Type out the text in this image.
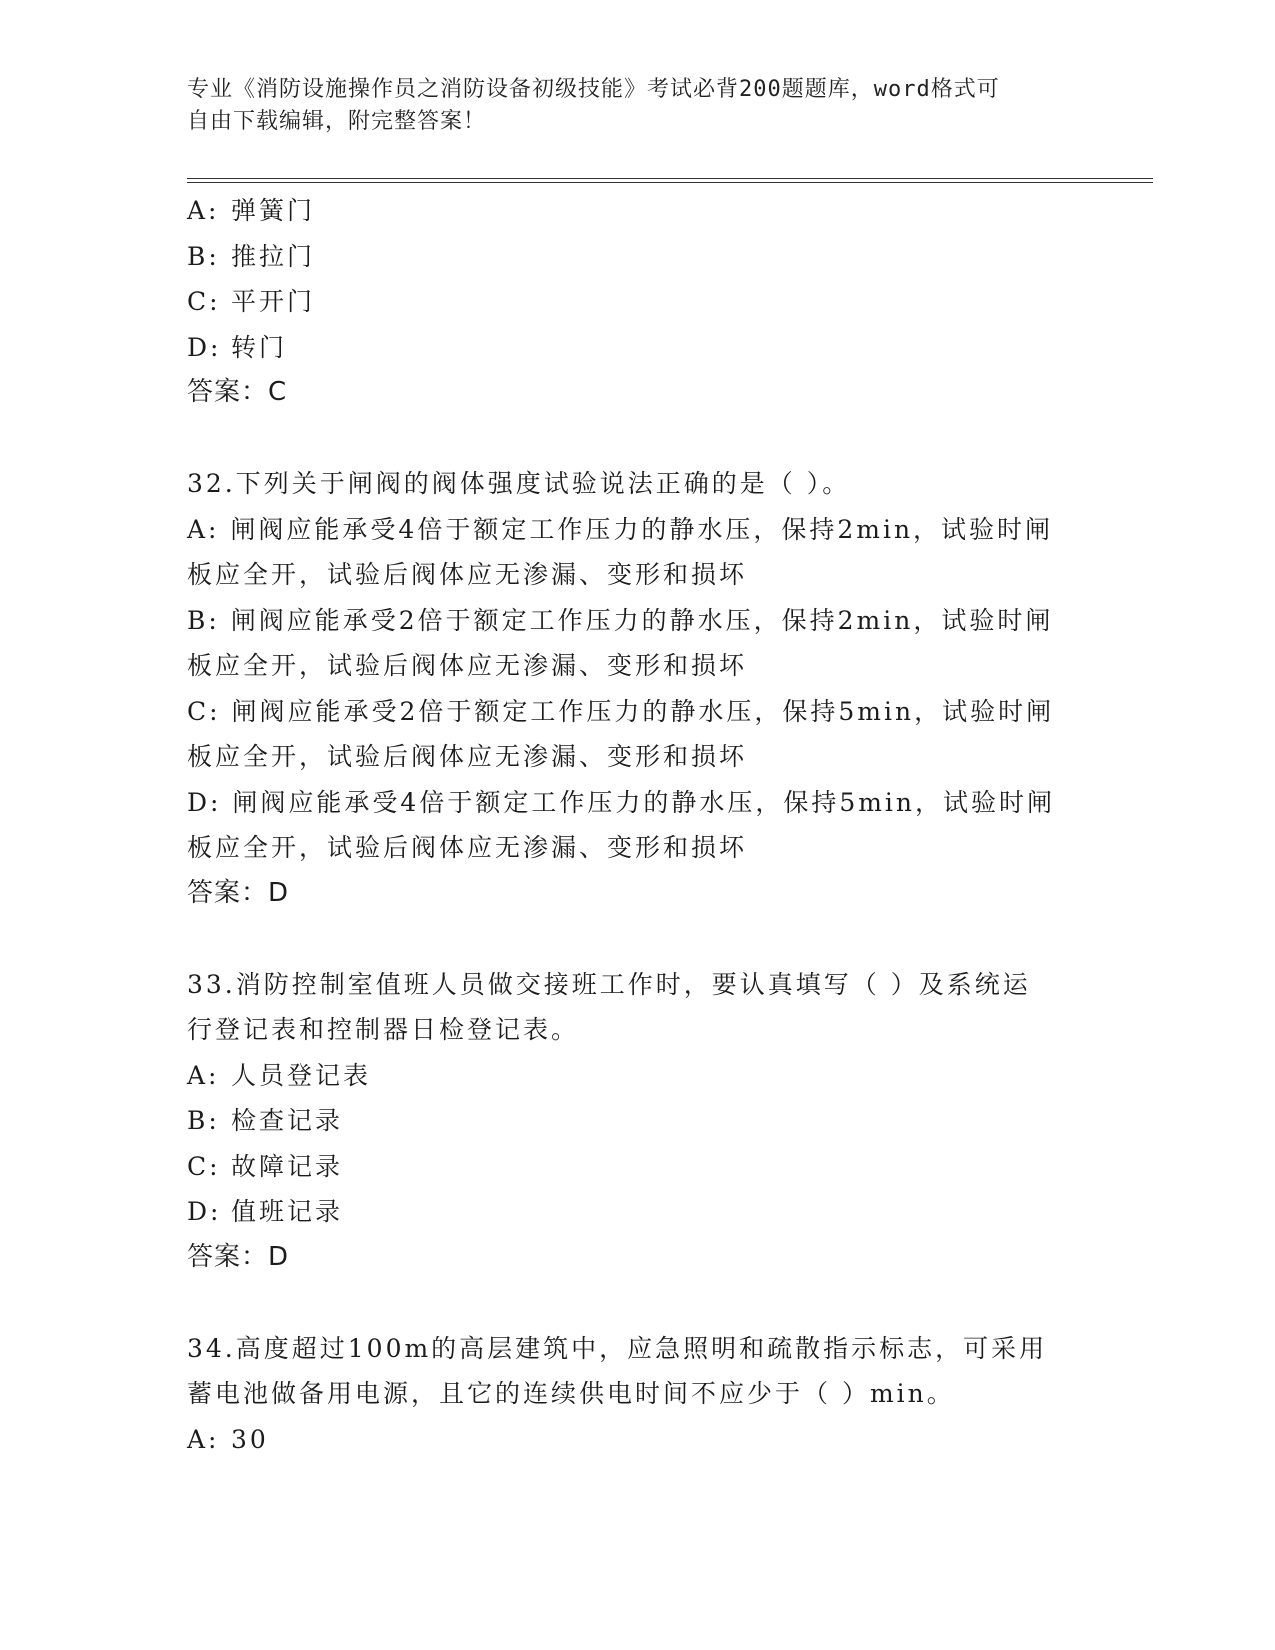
专业《消防设施操作员之消防设备初级技能》考试必背200题题库，word格式可
自由下载编辑，附完整答案！
A: 弹簧门
B: 推拉门
C: 平开门
D: 转门
答案：C
32.下列关于闸阀的阀体强度试验说法正确的是（ ）。
A: 闸阀应能承受4倍于额定工作压力的静水压，保持2min，试验时闸
板应全开，试验后阀体应无渗漏、变形和损坏
B: 闸阀应能承受2倍于额定工作压力的静水压，保持2min，试验时闸
板应全开，试验后阀体应无渗漏、变形和损坏
C: 闸阀应能承受2倍于额定工作压力的静水压，保持5min，试验时闸
板应全开，试验后阀体应无渗漏、变形和损坏
D: 闸阀应能承受4倍于额定工作压力的静水压，保持5min，试验时闸
板应全开，试验后阀体应无渗漏、变形和损坏
答案：D
33.消防控制室值班人员做交接班工作时，要认真填写（ ）及系统运
行登记表和控制器日检登记表。
A: 人员登记表
B: 检查记录
C: 故障记录
D: 值班记录
答案：D
34.高度超过100m的高层建筑中，应急照明和疏散指示标志，可采用
蓄电池做备用电源，且它的连续供电时间不应少于（ ）min。
A: 30
